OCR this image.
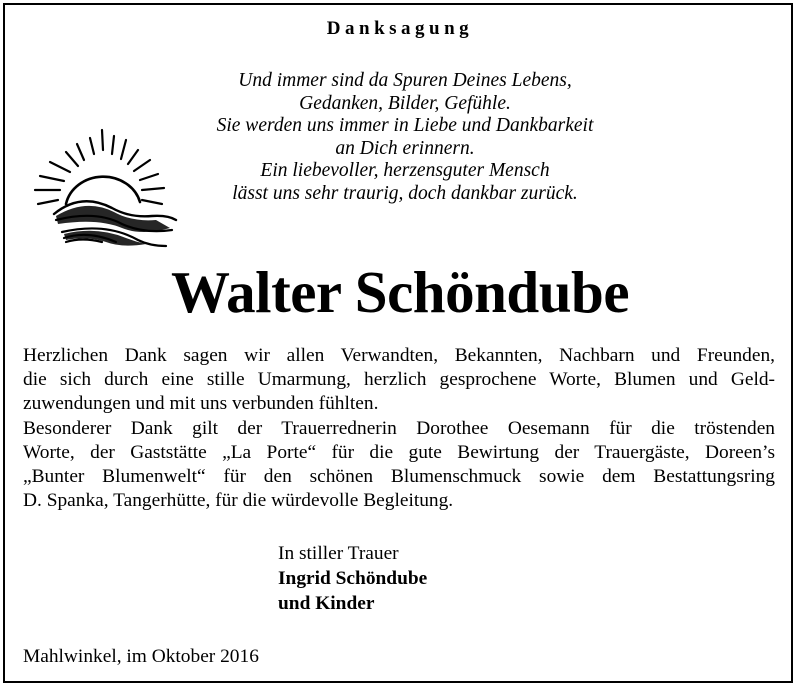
Danksagung
Und immer sind da Spuren Deines Lebens,
Gedanken, Bilder, Gefühle.
Sie werden uns immer in Liebe und Dankbarkeit
an Dich erinnern.
Ein liebevoller, herzensguter Mensch
lässt uns sehr traurig, doch dankbar zurück.
Walter Schöndube
Herzlichen Dank sagen wir allen Verwandten, Bekannten, Nachbarn und Freunden,
die sich durch eine stille Umarmung, herzlich gesprochene Worte, Blumen und Geld-
zuwendungen und mit uns verbunden fühlten.
Besonderer Dank gilt der Trauerrednerin Dorothee Oesemann für die tröstenden
Worte, der Gaststätte „La Porte“ für die gute Bewirtung der Trauergäste, Doreen’s
„Bunter Blumenwelt“ für den schönen Blumenschmuck sowie dem Bestattungsring
D. Spanka, Tangerhütte, für die würdevolle Begleitung.
In stiller Trauer
Ingrid Schöndube
und Kinder
Mahlwinkel, im Oktober 2016
